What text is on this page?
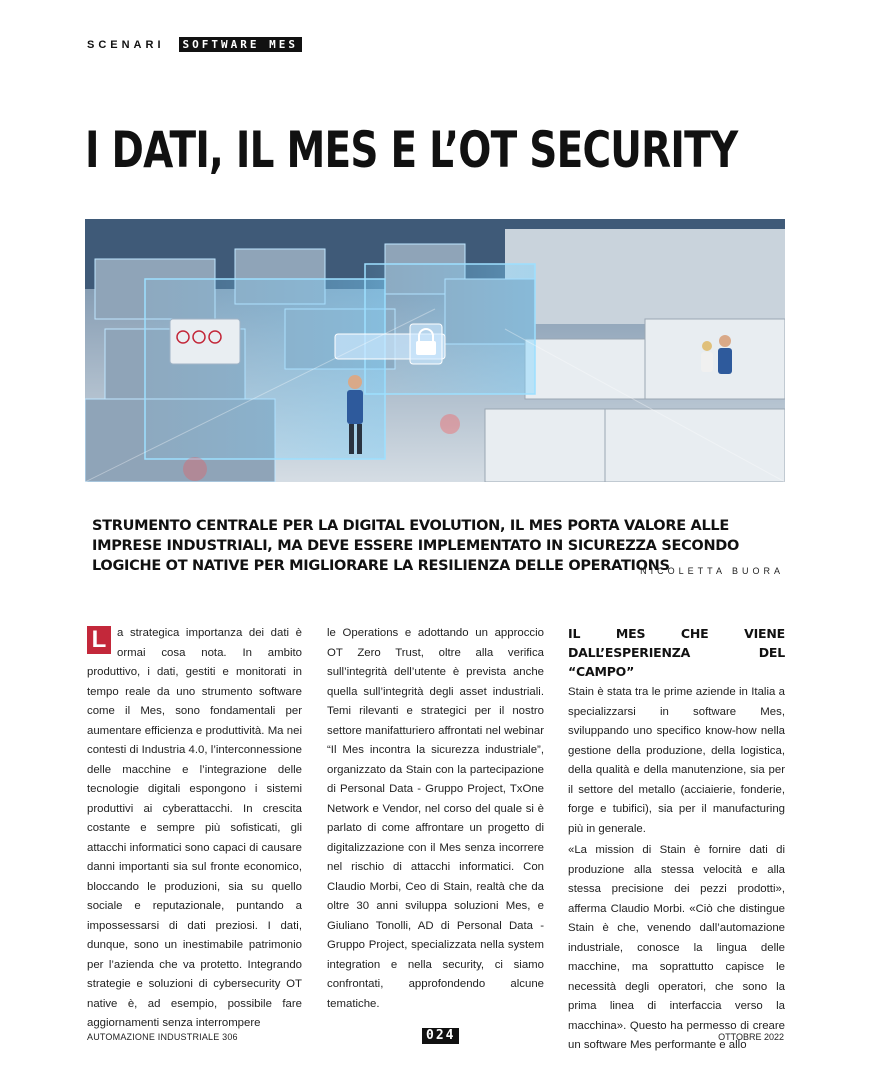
SCENARI	SOFTWARE MES
I DATI, IL MES E L’OT SECURITY

STRUMENTO CENTRALE PER LA DIGITAL EVOLUTION, IL MES PORTA VALORE ALLE IMPRESE INDUSTRIALI, MA DEVE ESSERE IMPLEMENTATO IN SICUREZZA SECONDO LOGICHE OT NATIVE PER MIGLIORARE LA RESILIENZA DELLE OPERATIONS

NICOLETTA BUORA
L a strategica importanza dei dati è ormai cosa nota. In ambito produttivo, i dati, gestiti e monitorati in tempo reale da uno strumento software come il Mes, sono fondamentali per aumentare efficienza e produttività. Ma nei contesti di Industria 4.0, l’interconnessione delle macchine e l’integrazione delle tecnologie digitali espongono i sistemi produttivi ai cyberattacchi. In crescita costante e sempre più sofisticati, gli attacchi informatici sono capaci di causare danni importanti sia sul fronte economico, bloccando le produzioni, sia su quello sociale e reputazionale, puntando a impossessarsi di dati preziosi. I dati, dunque, sono un inestimabile patrimonio per l’azienda che va protetto. Integrando strategie e soluzioni di cybersecurity OT native è, ad esempio, possibile fare aggiornamenti senza interrompere
le Operations e adottando un approccio OT Zero Trust, oltre alla verifica sull’integrità dell’utente è prevista anche quella sull’integrità degli asset industriali. Temi rilevanti e strategici per il nostro settore manifatturiero affrontati nel webinar “Il Mes incontra la sicurezza industriale”, organizzato da Stain con la partecipazione di Personal Data - Gruppo Project, TxOne Network e Vendor, nel corso del quale si è parlato di come affrontare un progetto di digitalizzazione con il Mes senza incorrere nel rischio di attacchi informatici. Con Claudio Morbi, Ceo di Stain, realtà che da oltre 30 anni sviluppa soluzioni Mes, e Giuliano Tonolli, AD di Personal Data - Gruppo Project, specializzata nella system integration e nella security, ci siamo confrontati, approfondendo alcune tematiche.
IL MES CHE VIENE DALL’ESPERIENZA DEL “CAMPO”

Stain è stata tra le prime aziende in Italia a specializzarsi in software Mes, sviluppando uno specifico know-how nella gestione della produzione, della logistica, della qualità e della manutenzione, sia per il settore del metallo (acciaierie, fonderie, forge e tubifici), sia per il manufacturing più in generale.

«La mission di Stain è fornire dati di produzione alla stessa velocità e alla stessa precisione dei pezzi prodotti», afferma Claudio Morbi. «Ciò che distingue Stain è che, venendo dall’automazione industriale, conosce la lingua delle macchine, ma soprattutto capisce le necessità degli operatori, che sono la prima linea di interfaccia verso la macchina». Questo ha permesso di creare un software Mes performante e allo

AUTOMAZIONE INDUSTRIALE 306	024	OTTOBRE 2022
